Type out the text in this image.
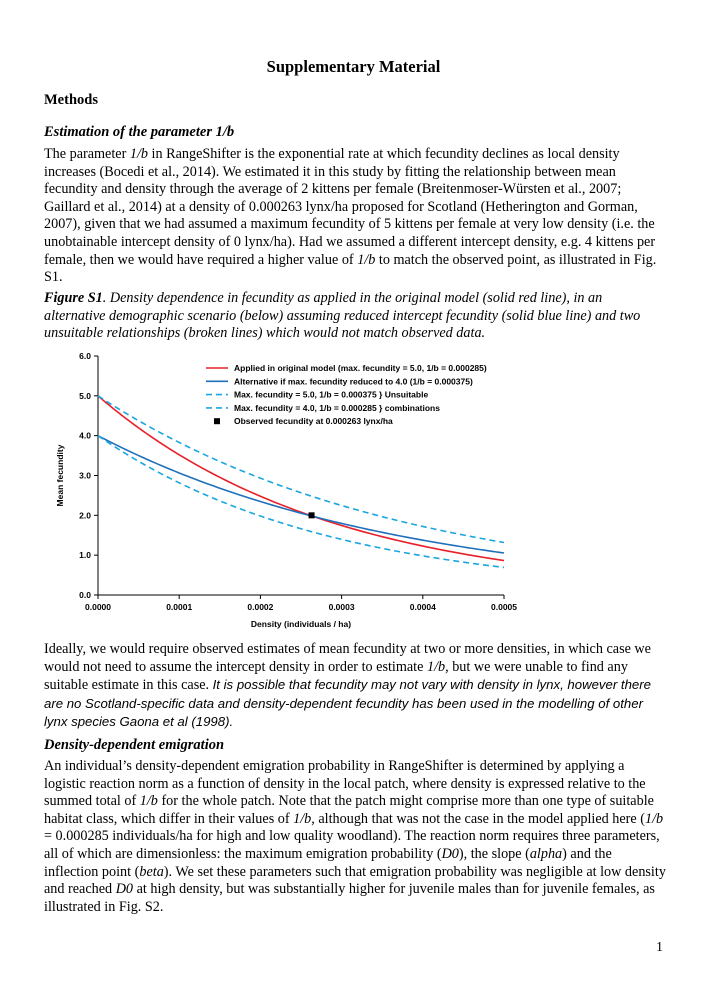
Supplementary Material
Methods
Estimation of the parameter 1/b
The parameter 1/b in RangeShifter is the exponential rate at which fecundity declines as local density increases (Bocedi et al., 2014). We estimated it in this study by fitting the relationship between mean fecundity and density through the average of 2 kittens per female (Breitenmoser-Würsten et al., 2007; Gaillard et al., 2014) at a density of 0.000263 lynx/ha proposed for Scotland (Hetherington and Gorman, 2007), given that we had assumed a maximum fecundity of 5 kittens per female at very low density (i.e. the unobtainable intercept density of 0 lynx/ha). Had we assumed a different intercept density, e.g. 4 kittens per female, then we would have required a higher value of 1/b to match the observed point, as illustrated in Fig. S1.
Figure S1. Density dependence in fecundity as applied in the original model (solid red line), in an alternative demographic scenario (below) assuming reduced intercept fecundity (solid blue line) and two unsuitable relationships (broken lines) which would not match observed data.
0.0
1.0
2.0
3.0
4.0
5.0
6.0
0.0000	0.0001	0.0002	0.0003	0.0004	0.0005
Density (individuals / ha)
Mean fecundity
Applied in original model (max. fecundity = 5.0, 1/b = 0.000285)
Alternative if max. fecundity reduced to 4.0 (1/b = 0.000375)
Max. fecundity = 5.0, 1/b = 0.000375 } Unsuitable
Max. fecundity = 4.0, 1/b = 0.000285 } combinations
Observed fecundity at 0.000263 lynx/ha
Ideally, we would require observed estimates of mean fecundity at two or more densities, in which case we would not need to assume the intercept density in order to estimate 1/b, but we were unable to find any suitable estimate in this case. It is possible that fecundity may not vary with density in lynx, however there are no Scotland-specific data and density-dependent fecundity has been used in the modelling of other lynx species Gaona et al (1998).
Density-dependent emigration
An individual’s density-dependent emigration probability in RangeShifter is determined by applying a logistic reaction norm as a function of density in the local patch, where density is expressed relative to the summed total of 1/b for the whole patch. Note that the patch might comprise more than one type of suitable habitat class, which differ in their values of 1/b, although that was not the case in the model applied here (1/b = 0.000285 individuals/ha for high and low quality woodland). The reaction norm requires three parameters, all of which are dimensionless: the maximum emigration probability (D0), the slope (alpha) and the inflection point (beta). We set these parameters such that emigration probability was negligible at low density and reached D0 at high density, but was substantially higher for juvenile males than for juvenile females, as illustrated in Fig. S2.
1
